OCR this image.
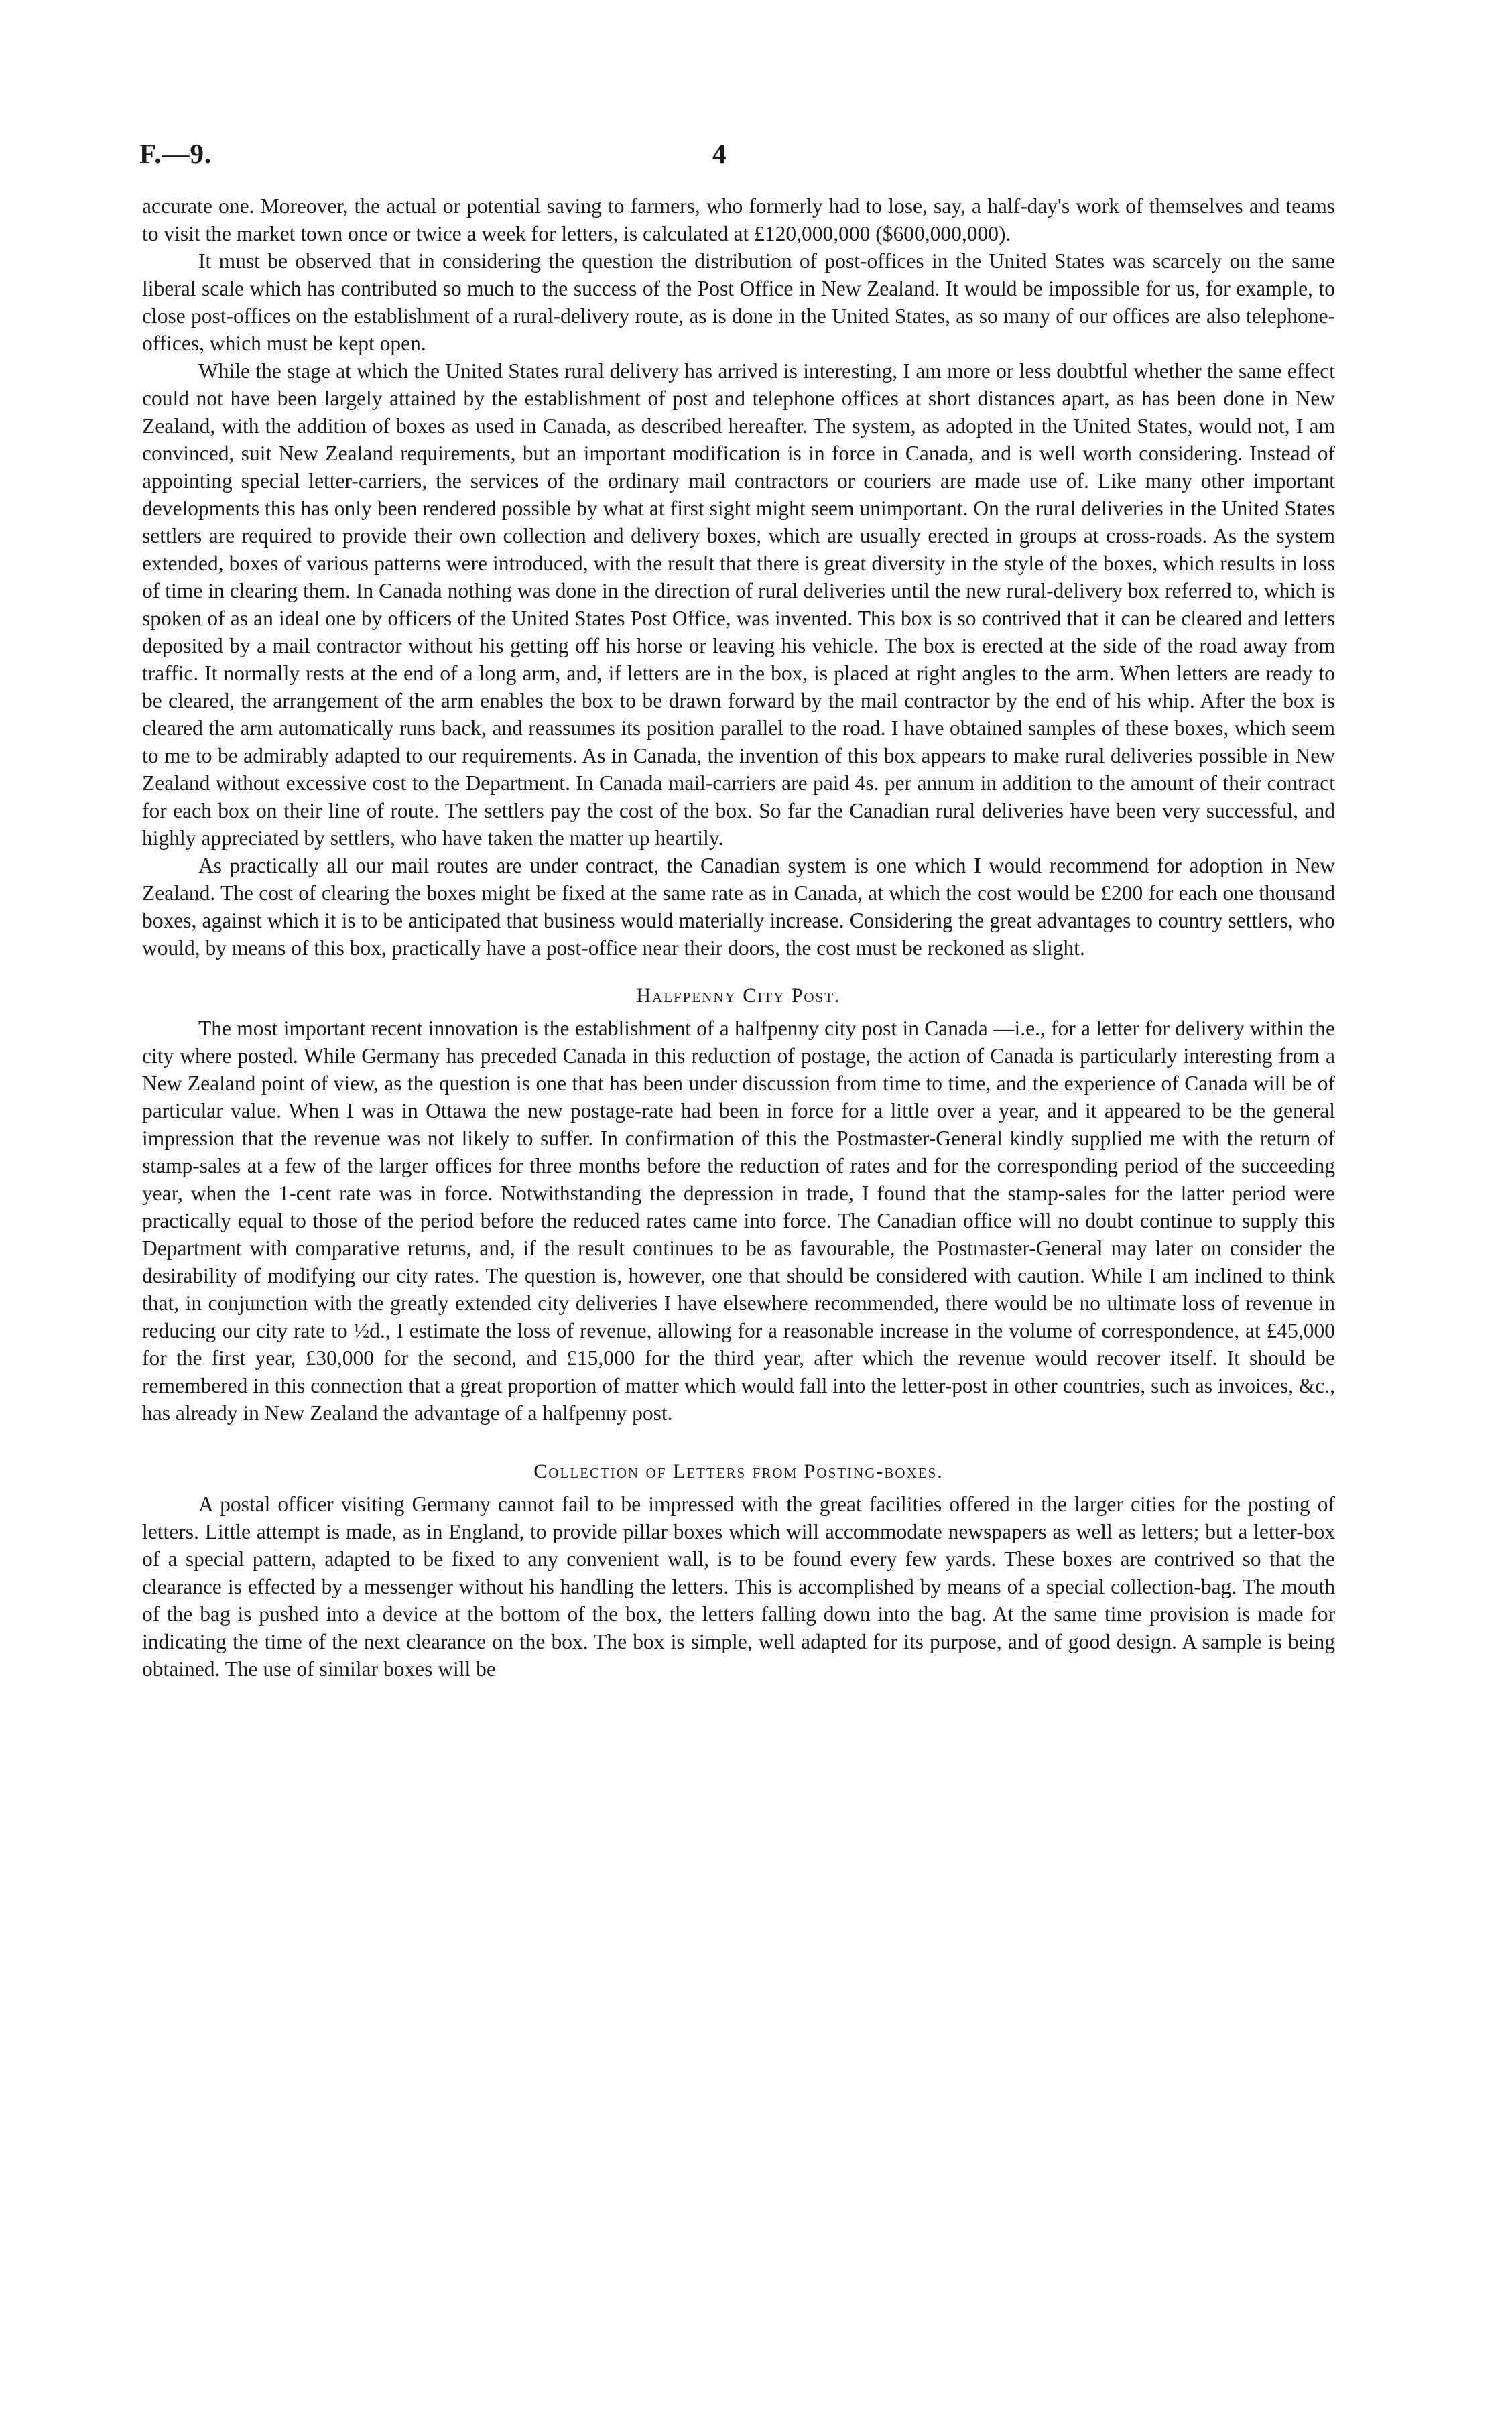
F.—9.	4

accurate one. Moreover, the actual or potential saving to farmers, who formerly had to lose, say, a half-day's work of themselves and teams to visit the market town once or twice a week for letters, is calculated at £120,000,000 ($600,000,000).

It must be observed that in considering the question the distribution of post-offices in the United States was scarcely on the same liberal scale which has contributed so much to the success of the Post Office in New Zealand. It would be impossible for us, for example, to close post-offices on the establishment of a rural-delivery route, as is done in the United States, as so many of our offices are also telephone-offices, which must be kept open.

While the stage at which the United States rural delivery has arrived is interesting, I am more or less doubtful whether the same effect could not have been largely attained by the establishment of post and telephone offices at short distances apart, as has been done in New Zealand, with the addition of boxes as used in Canada, as described hereafter. The system, as adopted in the United States, would not, I am convinced, suit New Zealand requirements, but an important modification is in force in Canada, and is well worth considering. Instead of appointing special letter-carriers, the services of the ordinary mail contractors or couriers are made use of. Like many other important developments this has only been rendered possible by what at first sight might seem unimportant. On the rural deliveries in the United States settlers are required to provide their own collection and delivery boxes, which are usually erected in groups at cross-roads. As the system extended, boxes of various patterns were introduced, with the result that there is great diversity in the style of the boxes, which results in loss of time in clearing them. In Canada nothing was done in the direction of rural deliveries until the new rural-delivery box referred to, which is spoken of as an ideal one by officers of the United States Post Office, was invented. This box is so contrived that it can be cleared and letters deposited by a mail contractor without his getting off his horse or leaving his vehicle. The box is erected at the side of the road away from traffic. It normally rests at the end of a long arm, and, if letters are in the box, is placed at right angles to the arm. When letters are ready to be cleared, the arrangement of the arm enables the box to be drawn forward by the mail contractor by the end of his whip. After the box is cleared the arm automatically runs back, and reassumes its position parallel to the road. I have obtained samples of these boxes, which seem to me to be admirably adapted to our requirements. As in Canada, the invention of this box appears to make rural deliveries possible in New Zealand without excessive cost to the Department. In Canada mail-carriers are paid 4s. per annum in addition to the amount of their contract for each box on their line of route. The settlers pay the cost of the box. So far the Canadian rural deliveries have been very successful, and highly appreciated by settlers, who have taken the matter up heartily.

As practically all our mail routes are under contract, the Canadian system is one which I would recommend for adoption in New Zealand. The cost of clearing the boxes might be fixed at the same rate as in Canada, at which the cost would be £200 for each one thousand boxes, against which it is to be anticipated that business would materially increase. Considering the great advantages to country settlers, who would, by means of this box, practically have a post-office near their doors, the cost must be reckoned as slight.

Halfpenny City Post.

The most important recent innovation is the establishment of a halfpenny city post in Canada —i.e., for a letter for delivery within the city where posted. While Germany has preceded Canada in this reduction of postage, the action of Canada is particularly interesting from a New Zealand point of view, as the question is one that has been under discussion from time to time, and the experience of Canada will be of particular value. When I was in Ottawa the new postage-rate had been in force for a little over a year, and it appeared to be the general impression that the revenue was not likely to suffer. In confirmation of this the Postmaster-General kindly supplied me with the return of stamp-sales at a few of the larger offices for three months before the reduction of rates and for the corresponding period of the succeeding year, when the 1-cent rate was in force. Notwithstanding the depression in trade, I found that the stamp-sales for the latter period were practically equal to those of the period before the reduced rates came into force. The Canadian office will no doubt continue to supply this Department with comparative returns, and, if the result continues to be as favourable, the Postmaster-General may later on consider the desirability of modifying our city rates. The question is, however, one that should be considered with caution. While I am inclined to think that, in conjunction with the greatly extended city deliveries I have elsewhere recommended, there would be no ultimate loss of revenue in reducing our city rate to ½d., I estimate the loss of revenue, allowing for a reasonable increase in the volume of correspondence, at £45,000 for the first year, £30,000 for the second, and £15,000 for the third year, after which the revenue would recover itself. It should be remembered in this connection that a great proportion of matter which would fall into the letter-post in other countries, such as invoices, &c., has already in New Zealand the advantage of a halfpenny post.

Collection of Letters from Posting-boxes.

A postal officer visiting Germany cannot fail to be impressed with the great facilities offered in the larger cities for the posting of letters. Little attempt is made, as in England, to provide pillar boxes which will accommodate newspapers as well as letters; but a letter-box of a special pattern, adapted to be fixed to any convenient wall, is to be found every few yards. These boxes are contrived so that the clearance is effected by a messenger without his handling the letters. This is accomplished by means of a special collection-bag. The mouth of the bag is pushed into a device at the bottom of the box, the letters falling down into the bag. At the same time provision is made for indicating the time of the next clearance on the box. The box is simple, well adapted for its purpose, and of good design. A sample is being obtained. The use of similar boxes will be
